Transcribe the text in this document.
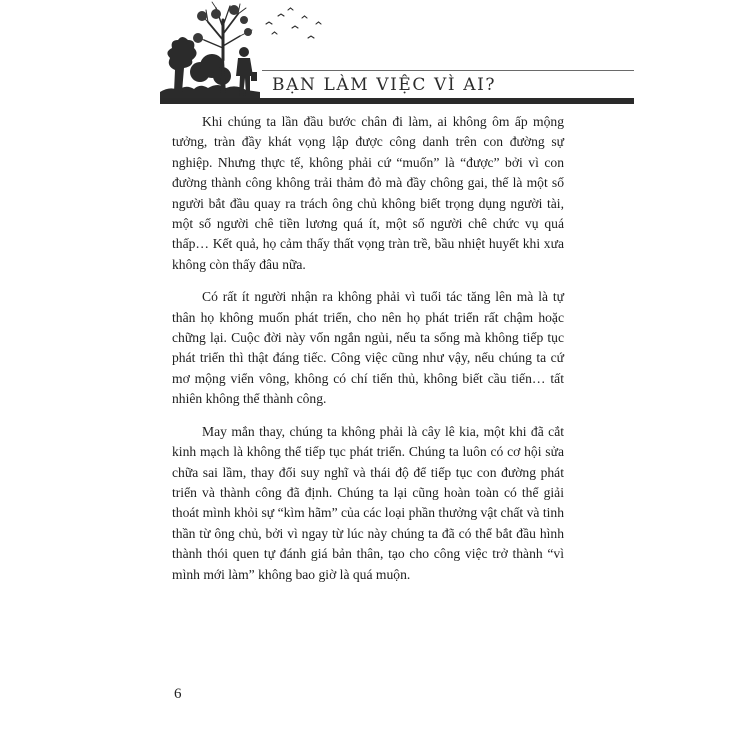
BẠN LÀM VIỆC VÌ AI?

Khi chúng ta lần đầu bước chân đi làm, ai không ôm ấp mộng tưởng, tràn đầy khát vọng lập được công danh trên con đường sự nghiệp. Nhưng thực tế, không phải cứ “muốn” là “được” bởi vì con đường thành công không trải thảm đỏ mà đầy chông gai, thế là một số người bắt đầu quay ra trách ông chủ không biết trọng dụng người tài, một số người chê tiền lương quá ít, một số người chê chức vụ quá thấp… Kết quả, họ cảm thấy thất vọng tràn trề, bầu nhiệt huyết khi xưa không còn thấy đâu nữa.

Có rất ít người nhận ra không phải vì tuổi tác tăng lên mà là tự thân họ không muốn phát triển, cho nên họ phát triển rất chậm hoặc chững lại. Cuộc đời này vốn ngắn ngủi, nếu ta sống mà không tiếp tục phát triển thì thật đáng tiếc. Công việc cũng như vậy, nếu chúng ta cứ mơ mộng viển vông, không có chí tiến thủ, không biết cầu tiến… tất nhiên không thể thành công.

May mắn thay, chúng ta không phải là cây lê kia, một khi đã cắt kinh mạch là không thể tiếp tục phát triển. Chúng ta luôn có cơ hội sửa chữa sai lầm, thay đổi suy nghĩ và thái độ để tiếp tục con đường phát triển và thành công đã định. Chúng ta lại cũng hoàn toàn có thể giải thoát mình khỏi sự “kìm hãm” của các loại phần thưởng vật chất và tinh thần từ ông chủ, bởi vì ngay từ lúc này chúng ta đã có thể bắt đầu hình thành thói quen tự đánh giá bản thân, tạo cho công việc trở thành “vì mình mới làm” không bao giờ là quá muộn.

6
